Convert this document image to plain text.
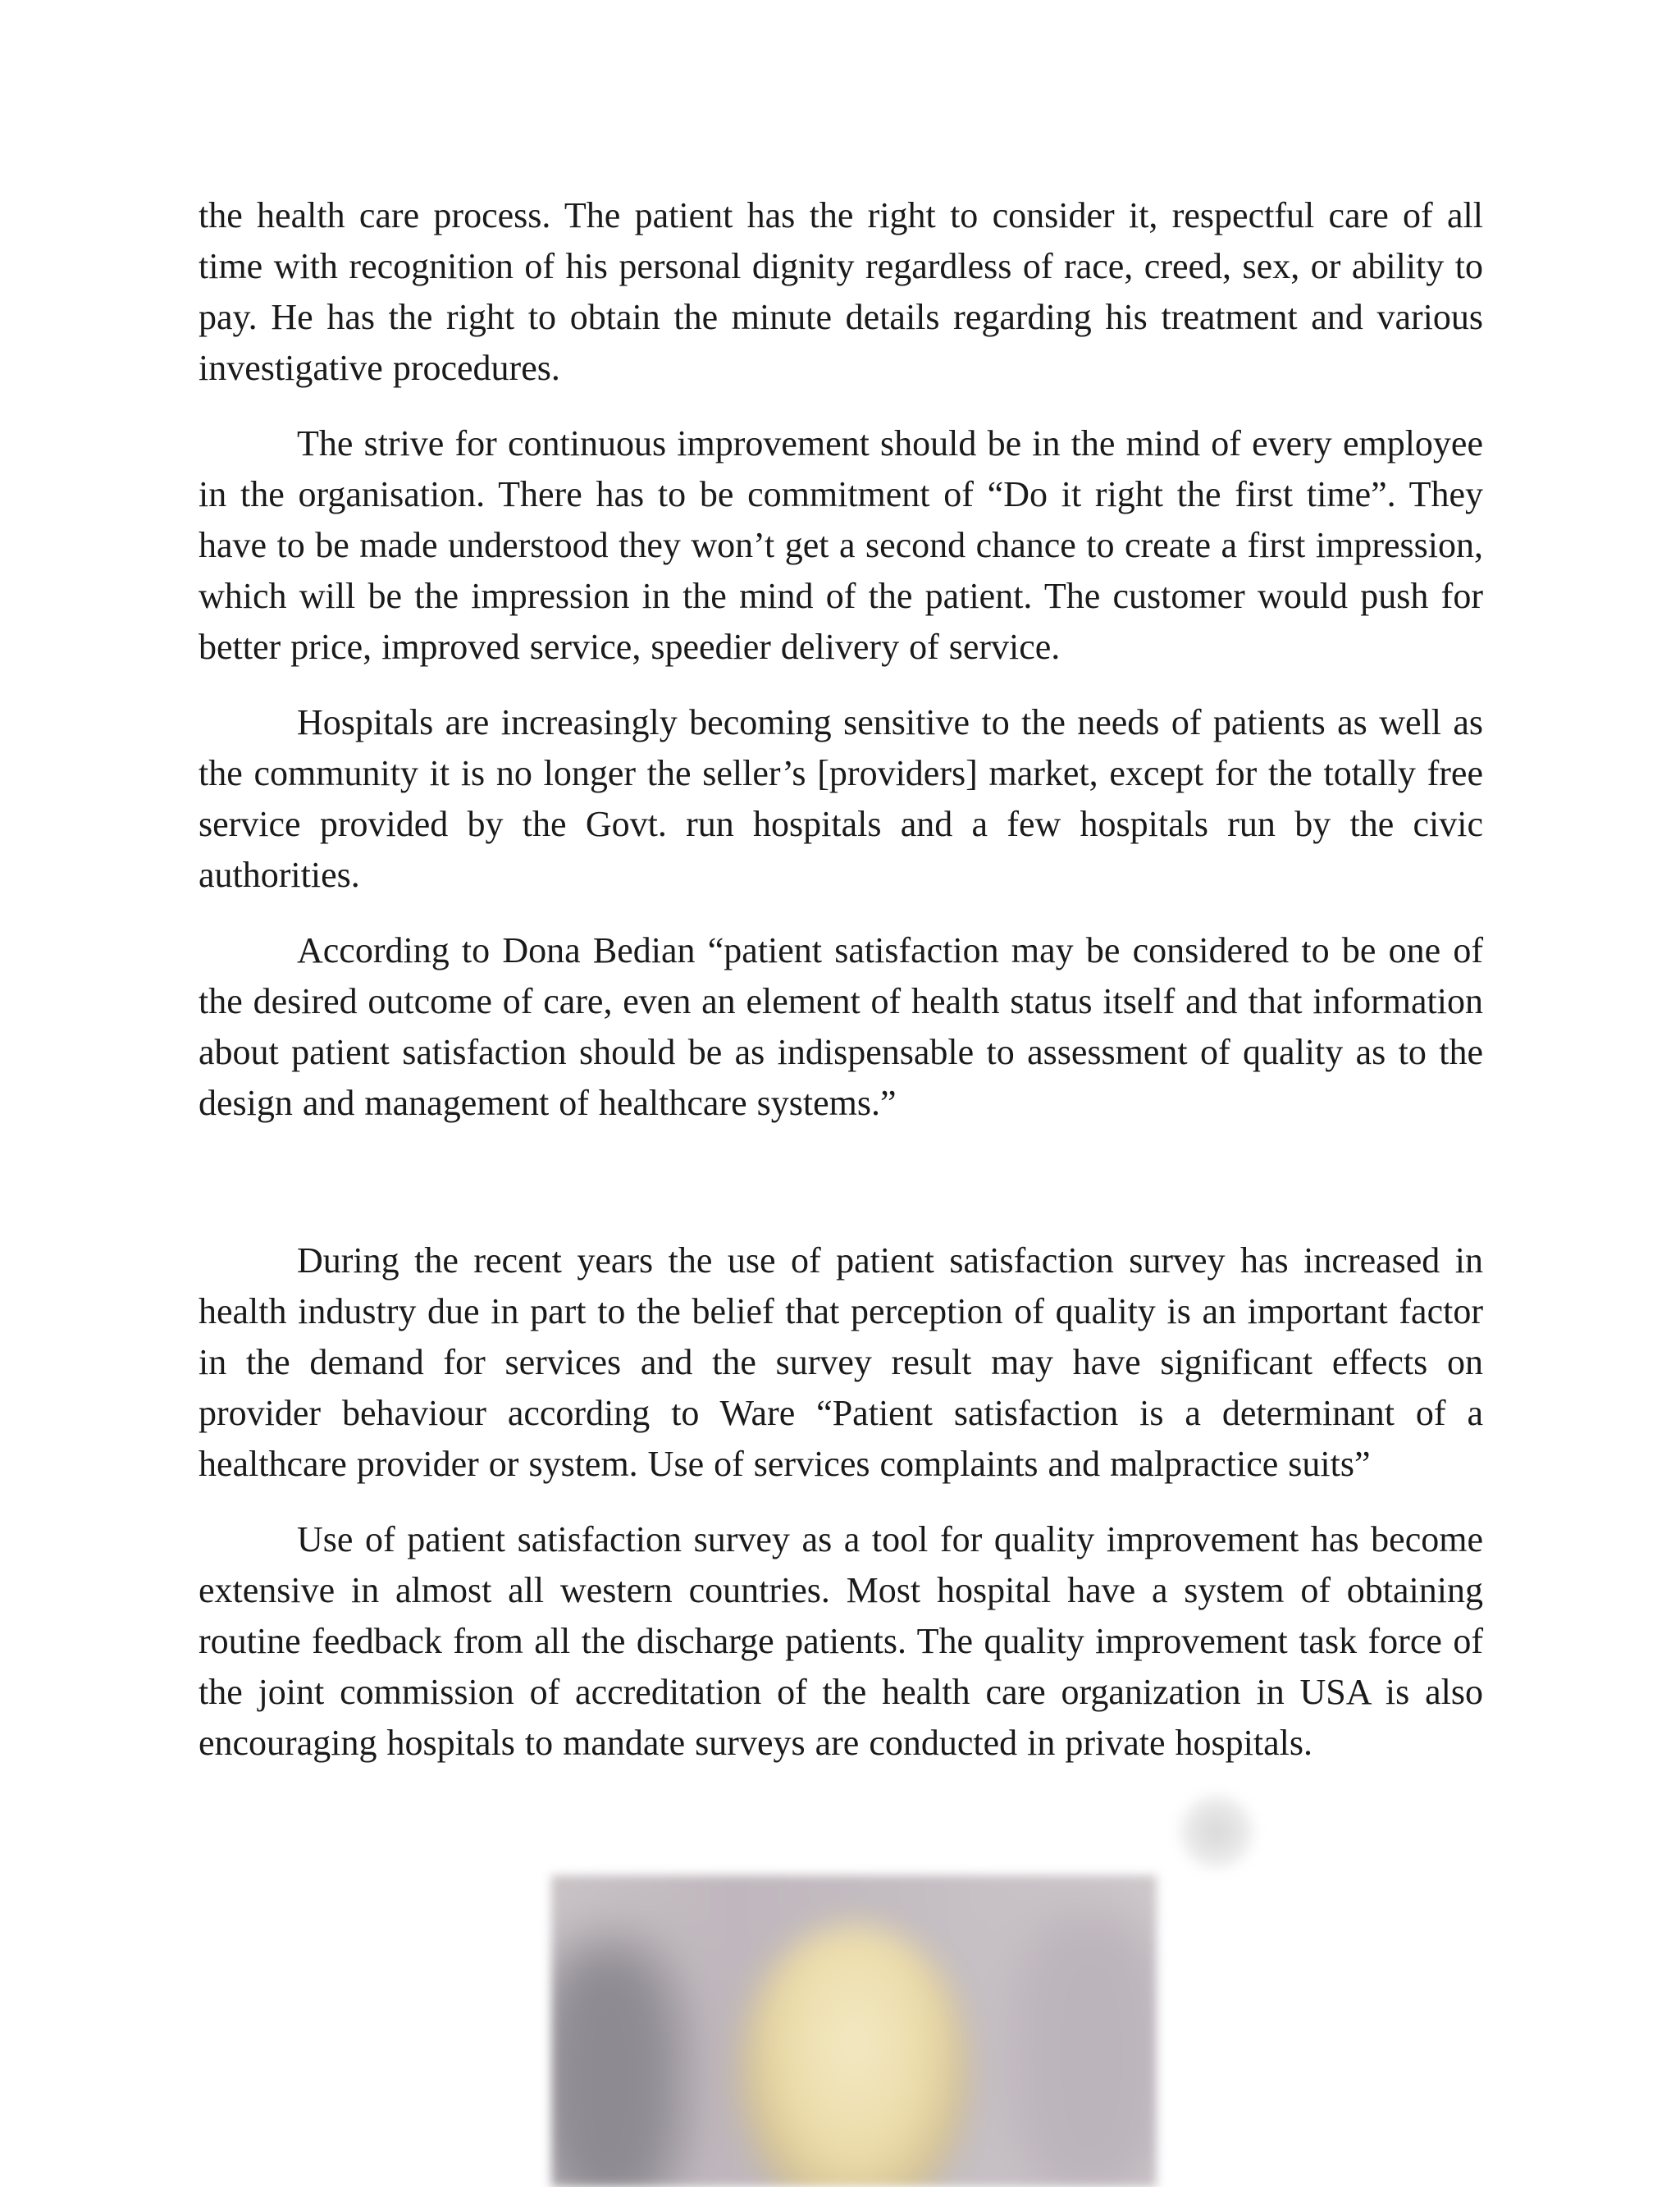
the health care process. The patient has the right to consider it, respectful care of all time with recognition of his personal dignity regardless of race, creed, sex, or ability to pay. He has the right to obtain the minute details regarding his treatment and various investigative procedures.

The strive for continuous improvement should be in the mind of every employee in the organisation. There has to be commitment of “Do it right the first time”. They have to be made understood they won’t get a second chance to create a first impression, which will be the impression in the mind of the patient. The customer would push for better price, improved service, speedier delivery of service.

Hospitals are increasingly becoming sensitive to the needs of patients as well as the community it is no longer the seller’s [providers] market, except for the totally free service provided by the Govt. run hospitals and a few hospitals run by the civic authorities.

According to Dona Bedian “patient satisfaction may be considered to be one of the desired outcome of care, even an element of health status itself and that information about patient satisfaction should be as indispensable to assessment of quality as to the design and management of healthcare systems.”

During the recent years the use of patient satisfaction survey has increased in health industry due in part to the belief that perception of quality is an important factor in the demand for services and the survey result may have significant effects on provider behaviour according to Ware “Patient satisfaction is a determinant of a healthcare provider or system. Use of services complaints and malpractice suits”

Use of patient satisfaction survey as a tool for quality improvement has become extensive in almost all western countries. Most hospital have a system of obtaining routine feedback from all the discharge patients. The quality improvement task force of the joint commission of accreditation of the health care organization in USA is also encouraging hospitals to mandate surveys are conducted in private hospitals.
